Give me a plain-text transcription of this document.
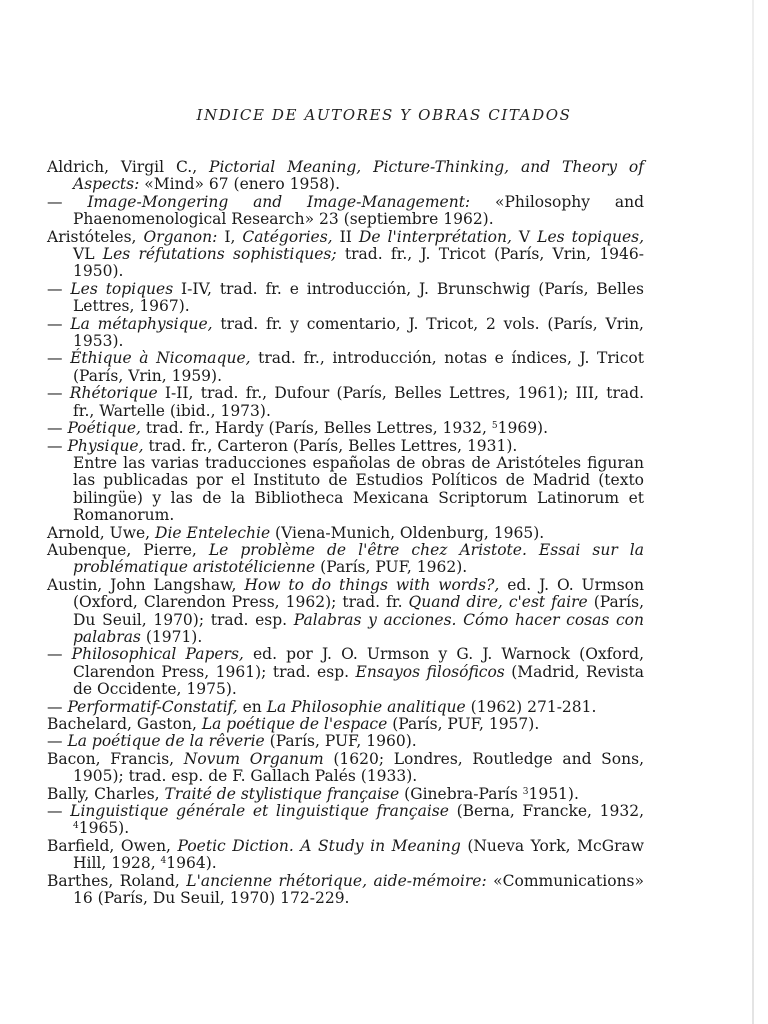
INDICE DE AUTORES Y OBRAS CITADOS

Aldrich, Virgil C., Pictorial Meaning, Picture-Thinking, and Theory of Aspects: «Mind» 67 (enero 1958).

— Image-Mongering and Image-Management: «Philosophy and Phaenomenological Research» 23 (septiembre 1962).

Aristóteles, Organon: I, Catégories, II De l'interprétation, V Les topiques, VL Les réfutations sophistiques; trad. fr., J. Tricot (París, Vrin, 1946-1950).

— Les topiques I-IV, trad. fr. e introducción, J. Brunschwig (París, Belles Lettres, 1967).

— La métaphysique, trad. fr. y comentario, J. Tricot, 2 vols. (París, Vrin, 1953).

— Éthique à Nicomaque, trad. fr., introducción, notas e índices, J. Tricot (París, Vrin, 1959).

— Rhétorique I-II, trad. fr., Dufour (París, Belles Lettres, 1961); III, trad. fr., Wartelle (ibid., 1973).

— Poétique, trad. fr., Hardy (París, Belles Lettres, 1932, $^5$1969).

— Physique, trad. fr., Carteron (París, Belles Lettres, 1931).

Entre las varias traducciones españolas de obras de Aristóteles figuran las publicadas por el Instituto de Estudios Políticos de Madrid (texto bilingüe) y las de la Bibliotheca Mexicana Scriptorum Latinorum et Romanorum.

Arnold, Uwe, Die Entelechie (Viena-Munich, Oldenburg, 1965).

Aubenque, Pierre, Le problème de l'être chez Aristote. Essai sur la problématique aristotélicienne (París, PUF, 1962).

Austin, John Langshaw, How to do things with words?, ed. J. O. Urmson (Oxford, Clarendon Press, 1962); trad. fr. Quand dire, c'est faire (París, Du Seuil, 1970); trad. esp. Palabras y acciones. Cómo hacer cosas con palabras (1971).

— Philosophical Papers, ed. por J. O. Urmson y G. J. Warnock (Oxford, Clarendon Press, 1961); trad. esp. Ensayos filosóficos (Madrid, Revista de Occidente, 1975).

— Performatif-Constatif, en La Philosophie analitique (1962) 271-281.

Bachelard, Gaston, La poétique de l'espace (París, PUF, 1957).

— La poétique de la rêverie (París, PUF, 1960).

Bacon, Francis, Novum Organum (1620; Londres, Routledge and Sons, 1905); trad. esp. de F. Gallach Palés (1933).

Bally, Charles, Traité de stylistique française (Ginebra-París $^3$1951).

— Linguistique générale et linguistique française (Berna, Francke, 1932, $^4$1965).

Barfield, Owen, Poetic Diction. A Study in Meaning (Nueva York, McGraw Hill, 1928, $^4$1964).

Barthes, Roland, L'ancienne rhétorique, aide-mémoire: «Communications» 16 (París, Du Seuil, 1970) 172-229.
